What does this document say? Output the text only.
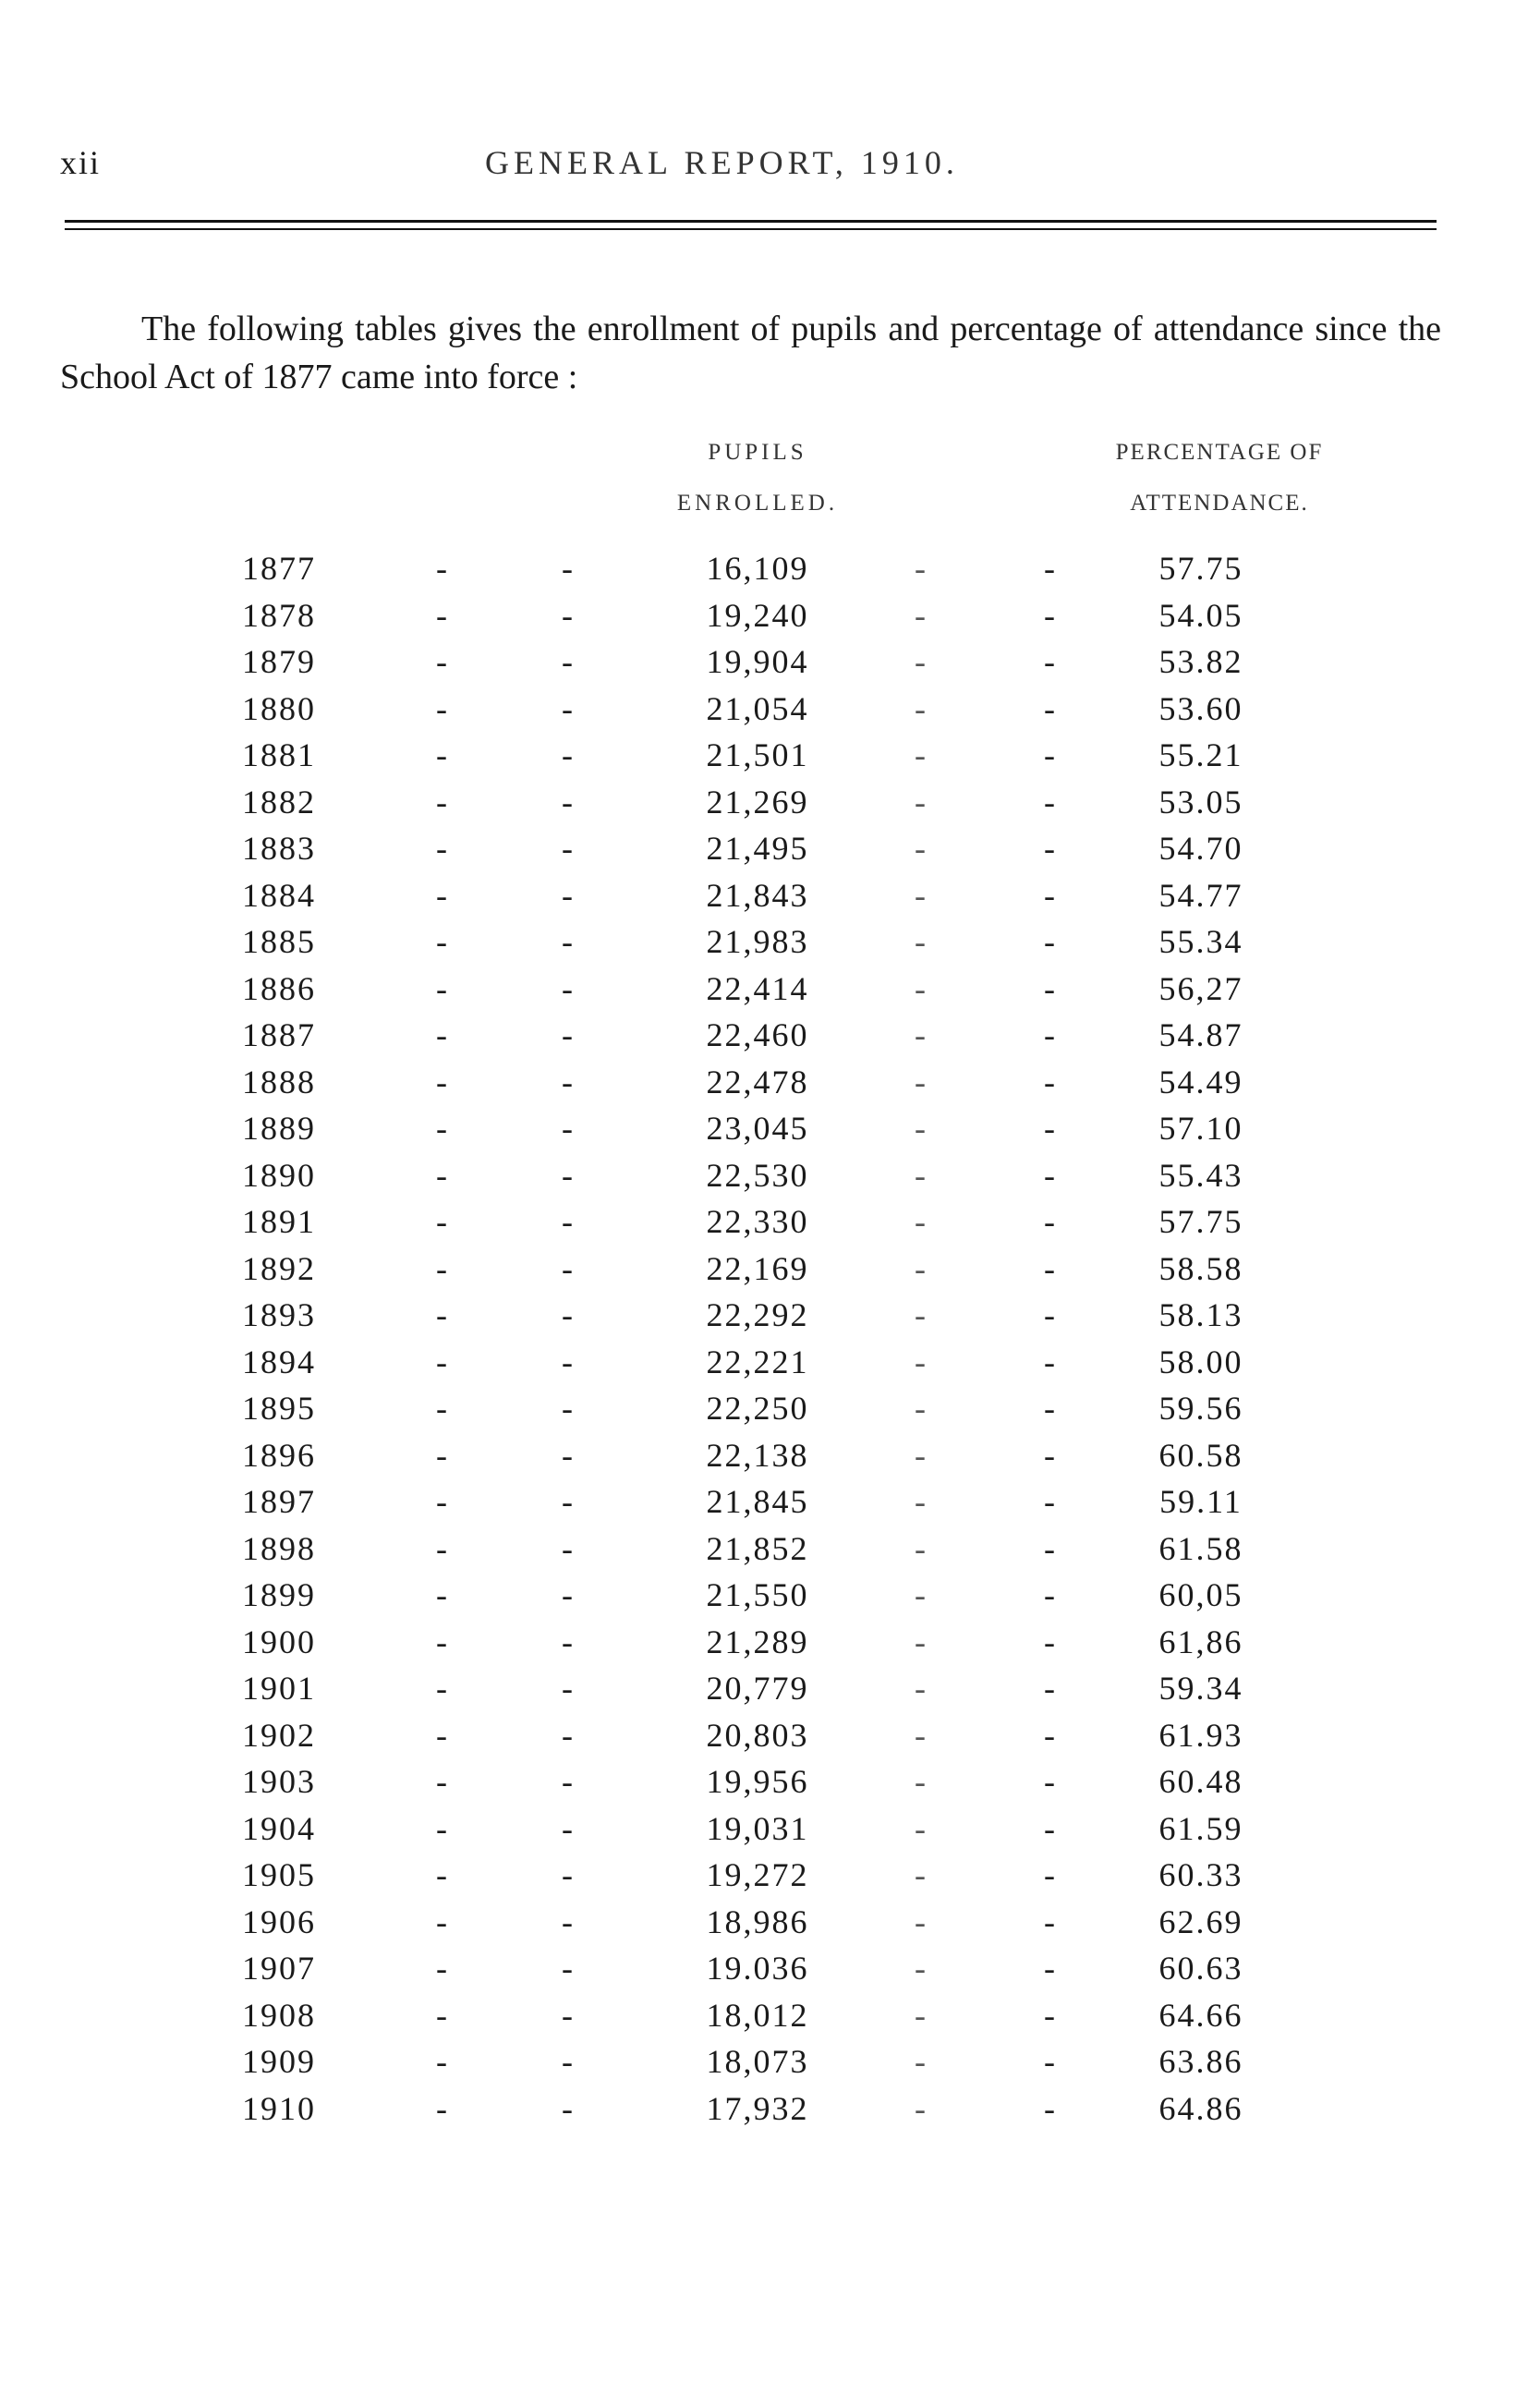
xii	GENERAL REPORT, 1910.

The following tables gives the enrollment of pupils and percentage of attendance since the School Act of 1877 came into force :

PUPILS
ENROLLED.
PERCENTAGE OF
ATTENDANCE.
1877	-	-	16,109	-	-	57.75
1878	-	-	19,240	-	-	54.05
1879	-	-	19,904	-	-	53.82
1880	-	-	21,054	-	-	53.60
1881	-	-	21,501	-	-	55.21
1882	-	-	21,269	-	-	53.05
1883	-	-	21,495	-	-	54.70
1884	-	-	21,843	-	-	54.77
1885	-	-	21,983	-	-	55.34
1886	-	-	22,414	-	-	56,27
1887	-	-	22,460	-	-	54.87
1888	-	-	22,478	-	-	54.49
1889	-	-	23,045	-	-	57.10
1890	-	-	22,530	-	-	55.43
1891	-	-	22,330	-	-	57.75
1892	-	-	22,169	-	-	58.58
1893	-	-	22,292	-	-	58.13
1894	-	-	22,221	-	-	58.00
1895	-	-	22,250	-	-	59.56
1896	-	-	22,138	-	-	60.58
1897	-	-	21,845	-	-	59.11
1898	-	-	21,852	-	-	61.58
1899	-	-	21,550	-	-	60,05
1900	-	-	21,289	-	-	61,86
1901	-	-	20,779	-	-	59.34
1902	-	-	20,803	-	-	61.93
1903	-	-	19,956	-	-	60.48
1904	-	-	19,031	-	-	61.59
1905	-	-	19,272	-	-	60.33
1906	-	-	18,986	-	-	62.69
1907	-	-	19.036	-	-	60.63
1908	-	-	18,012	-	-	64.66
1909	-	-	18,073	-	-	63.86
1910	-	-	17,932	-	-	64.86
